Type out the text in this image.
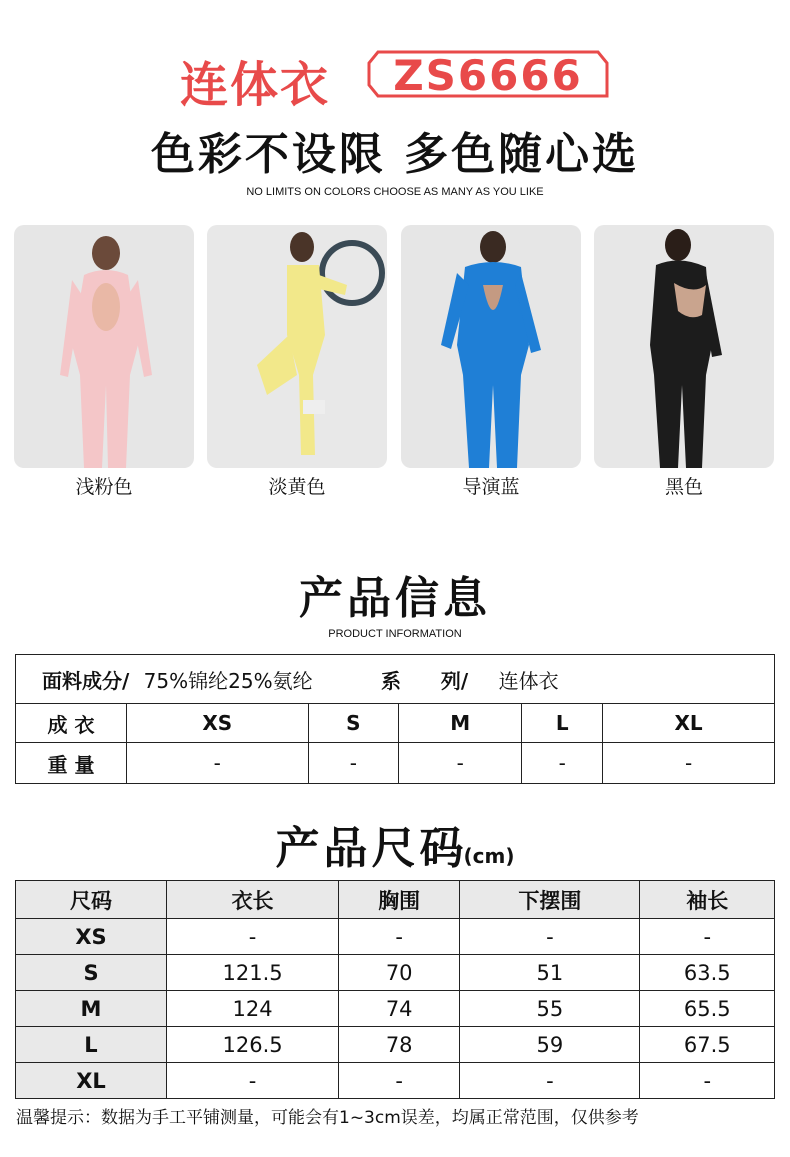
连体衣	ZS6666
色彩不设限 多色随心选
NO LIMITS ON COLORS CHOOSE AS MANY AS YOU LIKE
浅粉色	淡黄色	导演蓝	黑色
产品信息
PRODUCT INFORMATION
面料成分/ 75%锦纶25%氨纶 系　　列/ 连体衣					
成 衣	XS	S	M	L	XL
重 量	-	-	-	-	-
产品尺码(cm)
尺码	衣长	胸围	下摆围	袖长
XS	-	-	-	-
S	121.5	70	51	63.5
M	124	74	55	65.5
L	126.5	78	59	67.5
XL	-	-	-	-
温馨提示：数据为手工平铺测量，可能会有1~3cm误差，均属正常范围，仅供参考
